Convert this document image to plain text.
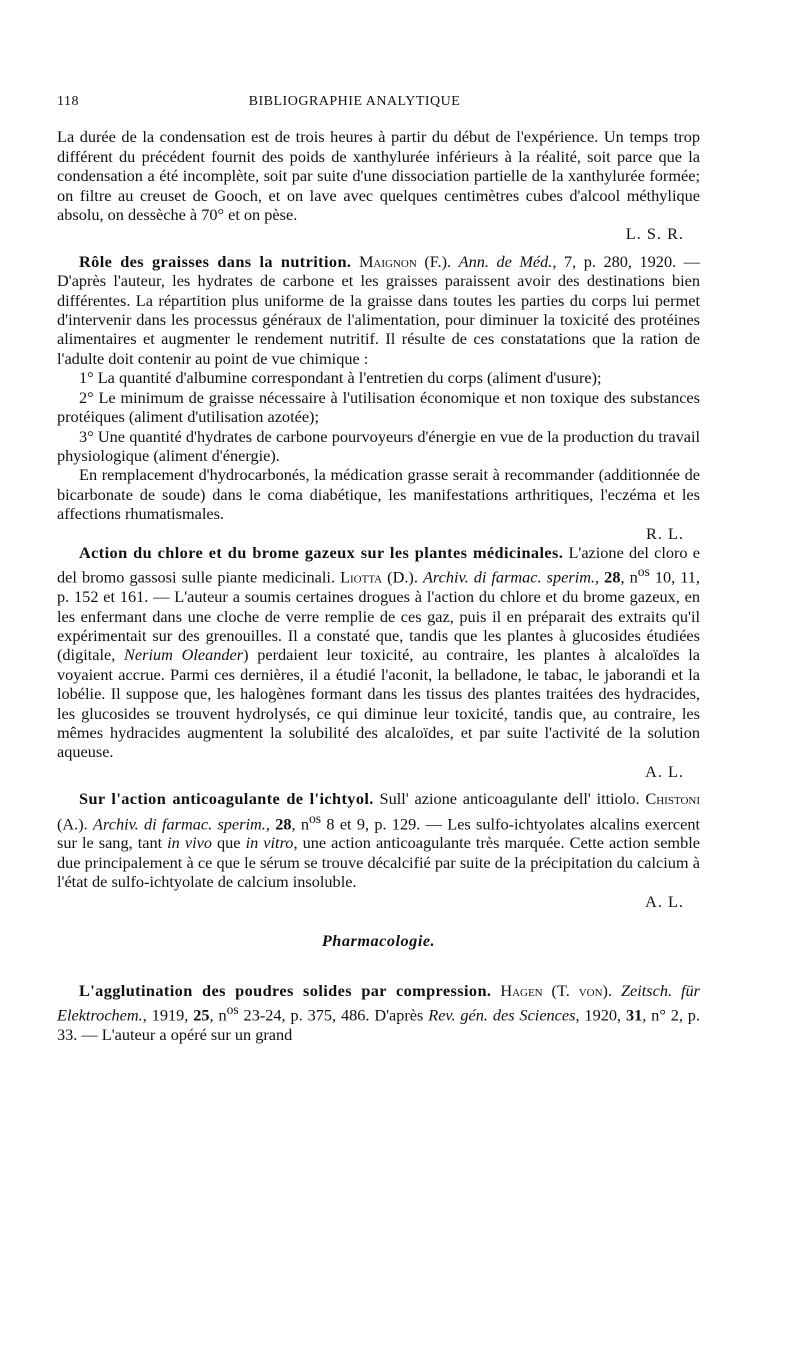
118	BIBLIOGRAPHIE ANALYTIQUE

La durée de la condensation est de trois heures à partir du début de l'expérience. Un temps trop différent du précédent fournit des poids de xanthylurée inférieurs à la réalité, soit parce que la condensation a été incomplète, soit par suite d'une dissociation partielle de la xanthylurée formée; on filtre au creuset de Gooch, et on lave avec quelques centimètres cubes d'alcool méthylique absolu, on dessèche à 70° et on pèse.

L. S. R.

Rôle des graisses dans la nutrition. Maignon (F.). Ann. de Méd., 7, p. 280, 1920. — D'après l'auteur, les hydrates de carbone et les graisses paraissent avoir des destinations bien différentes. La répartition plus uniforme de la graisse dans toutes les parties du corps lui permet d'intervenir dans les processus généraux de l'alimentation, pour diminuer la toxicité des protéines alimentaires et augmenter le rendement nutritif. Il résulte de ces constatations que la ration de l'adulte doit contenir au point de vue chimique :

1° La quantité d'albumine correspondant à l'entretien du corps (aliment d'usure);

2° Le minimum de graisse nécessaire à l'utilisation économique et non toxique des substances protéiques (aliment d'utilisation azotée);

3° Une quantité d'hydrates de carbone pourvoyeurs d'énergie en vue de la production du travail physiologique (aliment d'énergie).

En remplacement d'hydrocarbonés, la médication grasse serait à recommander (additionnée de bicarbonate de soude) dans le coma diabétique, les manifestations arthritiques, l'eczéma et les affections rhumatismales.

R. L.

Action du chlore et du brome gazeux sur les plantes médicinales. L'azione del cloro e del bromo gassosi sulle piante medicinali. Liotta (D.). Archiv. di farmac. sperim., 28, $n^{os}$ 10, 11, p. 152 et 161. — L'auteur a soumis certaines drogues à l'action du chlore et du brome gazeux, en les enfermant dans une cloche de verre remplie de ces gaz, puis il en préparait des extraits qu'il expérimentait sur des grenouilles. Il a constaté que, tandis que les plantes à glucosides étudiées (digitale, Nerium Oleander) perdaient leur toxicité, au contraire, les plantes à alcaloïdes la voyaient accrue. Parmi ces dernières, il a étudié l'aconit, la belladone, le tabac, le jaborandi et la lobélie. Il suppose que, les halogènes formant dans les tissus des plantes traitées des hydracides, les glucosides se trouvent hydrolysés, ce qui diminue leur toxicité, tandis que, au contraire, les mêmes hydracides augmentent la solubilité des alcaloïdes, et par suite l'activité de la solution aqueuse.

A. L.

Sur l'action anticoagulante de l'ichtyol. Sull' azione anticoagulante dell' ittiolo. Chistoni (A.). Archiv. di farmac. sperim., 28, $n^{os}$ 8 et 9, p. 129. — Les sulfo-ichtyolates alcalins exercent sur le sang, tant in vivo que in vitro, une action anticoagulante très marquée. Cette action semble due principalement à ce que le sérum se trouve décalcifié par suite de la précipitation du calcium à l'état de sulfo-ichtyolate de calcium insoluble.

A. L.

Pharmacologie.

L'agglutination des poudres solides par compression. Hagen (T. von). Zeitsch. für Elektrochem., 1919, 25, $n^{os}$ 23-24, p. 375, 486. D'après Rev. gén. des Sciences, 1920, 31, n° 2, p. 33. — L'auteur a opéré sur un grand
